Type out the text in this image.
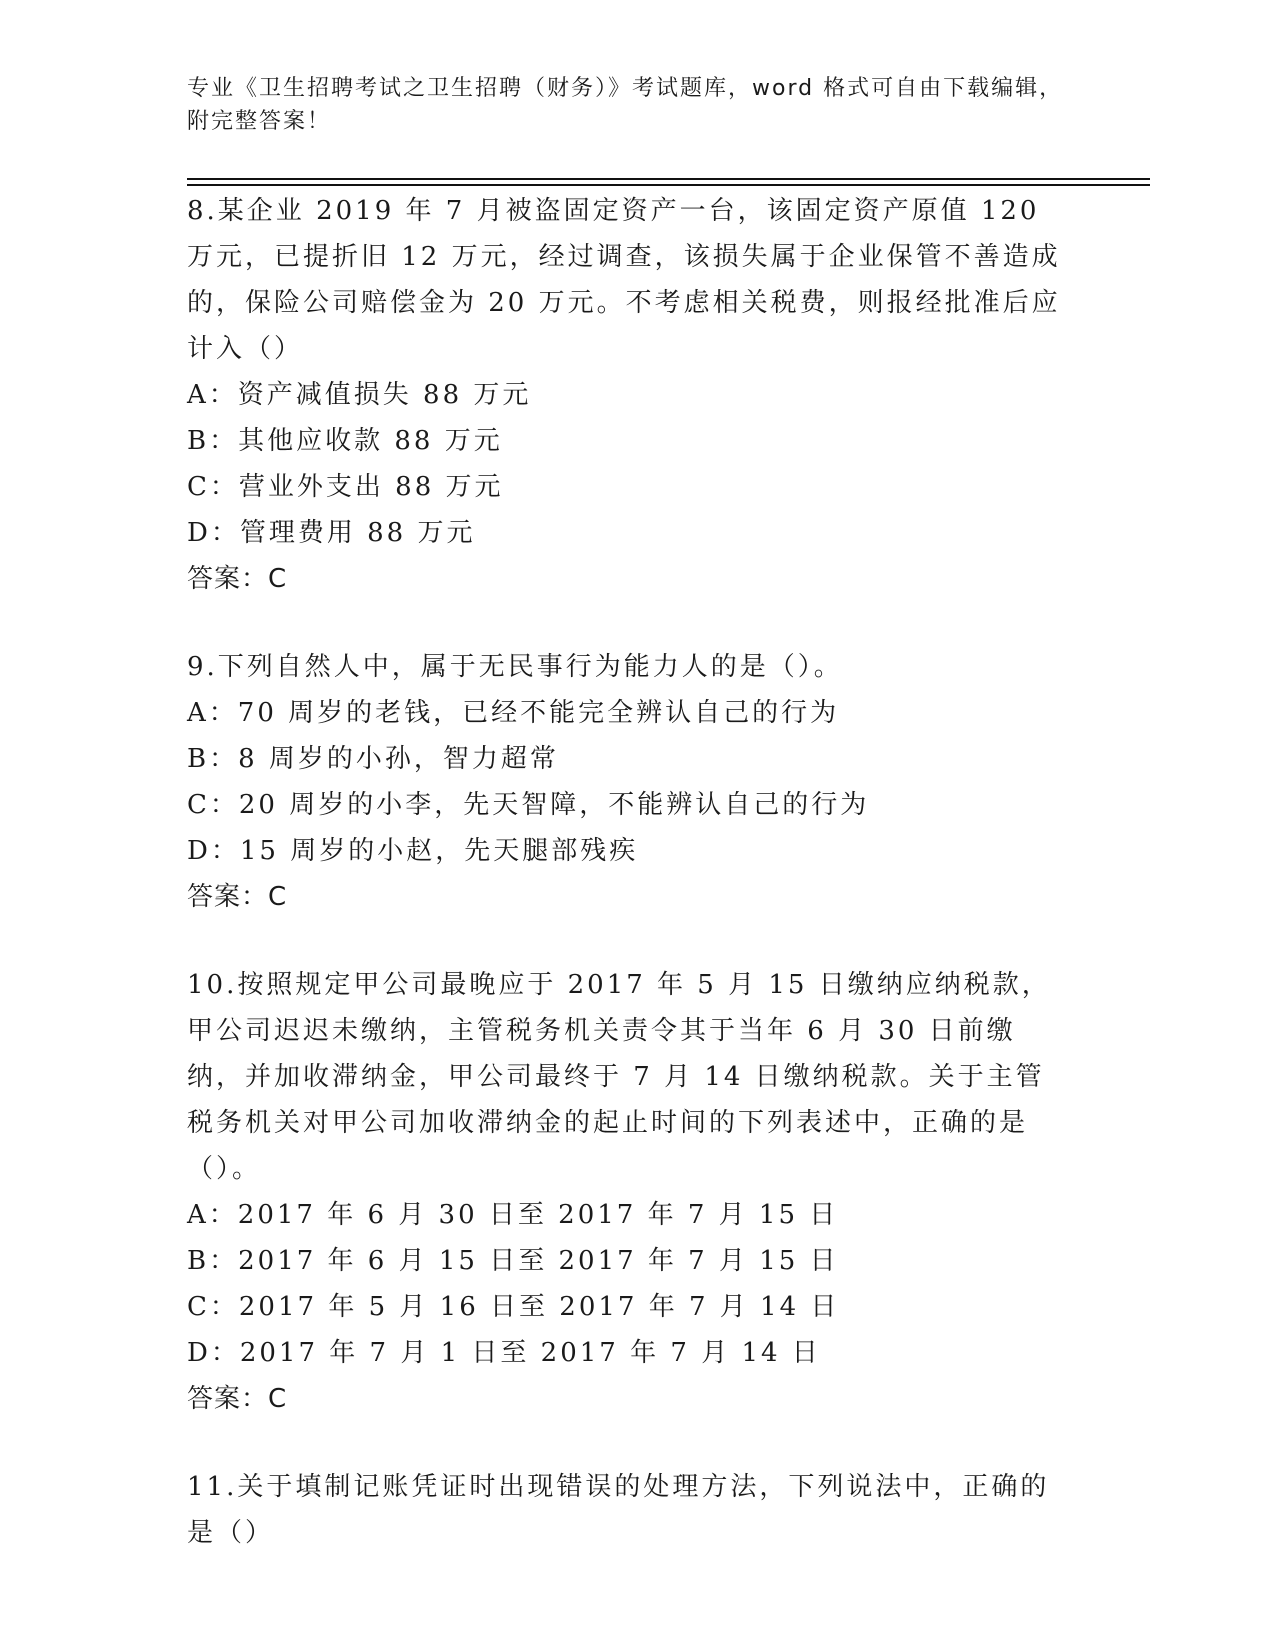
专业《卫生招聘考试之卫生招聘（财务）》考试题库，word 格式可自由下载编辑，附完整答案！
8.某企业 2019 年 7 月被盗固定资产一台，该固定资产原值 120 万元，已提折旧 12 万元，经过调查，该损失属于企业保管不善造成的，保险公司赔偿金为 20 万元。不考虑相关税费，则报经批准后应计入（）
A：资产减值损失 88 万元
B：其他应收款 88 万元
C：营业外支出 88 万元
D：管理费用 88 万元
答案：C
9.下列自然人中，属于无民事行为能力人的是（）。
A：70 周岁的老钱，已经不能完全辨认自己的行为
B：8 周岁的小孙，智力超常
C：20 周岁的小李，先天智障，不能辨认自己的行为
D：15 周岁的小赵，先天腿部残疾
答案：C
10.按照规定甲公司最晚应于 2017 年 5 月 15 日缴纳应纳税款，甲公司迟迟未缴纳，主管税务机关责令其于当年 6 月 30 日前缴纳，并加收滞纳金，甲公司最终于 7 月 14 日缴纳税款。关于主管税务机关对甲公司加收滞纳金的起止时间的下列表述中，正确的是（）。
A：2017 年 6 月 30 日至 2017 年 7 月 15 日
B：2017 年 6 月 15 日至 2017 年 7 月 15 日
C：2017 年 5 月 16 日至 2017 年 7 月 14 日
D：2017 年 7 月 1 日至 2017 年 7 月 14 日
答案：C
11.关于填制记账凭证时出现错误的处理方法，下列说法中，正确的是（）
